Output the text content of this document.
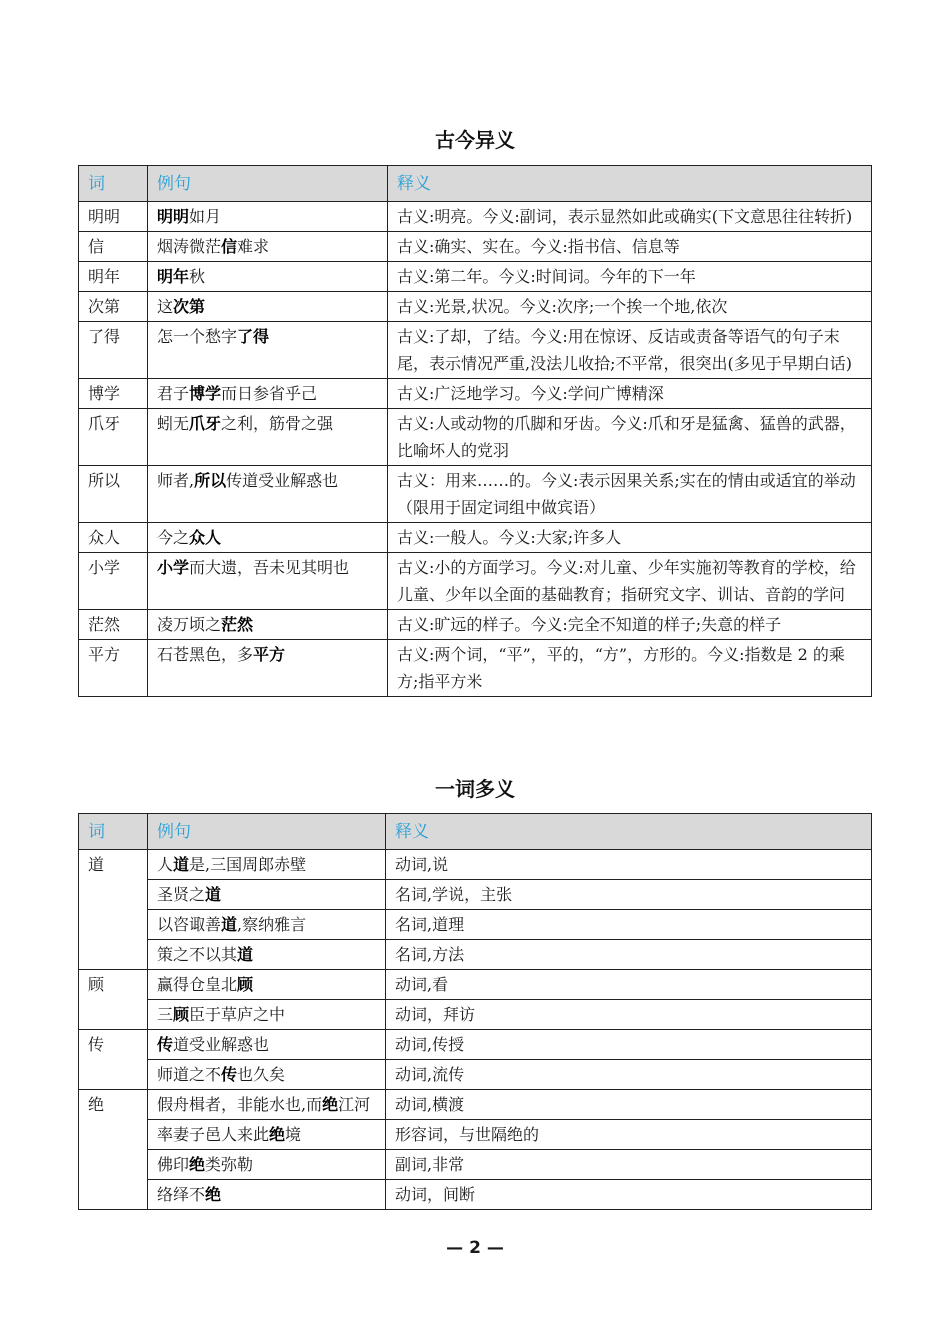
古今异义
词	例句	释义
明明	明明如月	古义:明亮。今义:副词，表示显然如此或确实(下文意思往往转折)
信	烟涛微茫信难求	古义:确实、实在。今义:指书信、信息等
明年	明年秋	古义:第二年。今义:时间词。今年的下一年
次第	这次第	古义:光景,状况。今义:次序;一个挨一个地,依次
了得	怎一个愁字了得	古义:了却，了结。今义:用在惊讶、反诘或责备等语气的句子末尾，表示情况严重,没法儿收拾;不平常，很突出(多见于早期白话)
博学	君子博学而日参省乎己	古义:广泛地学习。今义:学问广博精深
爪牙	蚓无爪牙之利，筋骨之强	古义:人或动物的爪脚和牙齿。今义:爪和牙是猛禽、猛兽的武器，比喻坏人的党羽
所以	师者,所以传道受业解惑也	古义：用来……的。今义:表示因果关系;实在的情由或适宜的举动（限用于固定词组中做宾语）
众人	今之众人	古义:一般人。今义:大家;许多人
小学	小学而大遗，吾未见其明也	古义:小的方面学习。今义:对儿童、少年实施初等教育的学校，给儿童、少年以全面的基础教育；指研究文字、训诂、音韵的学问
茫然	凌万顷之茫然	古义:旷远的样子。今义:完全不知道的样子;失意的样子
平方	石苍黑色，多平方	古义:两个词，“平”，平的，“方”，方形的。今义:指数是 2 的乘方;指平方米
一词多义
词	例句	释义
道	人道是,三国周郎赤壁	动词,说
	圣贤之道	名词,学说，主张
	以咨诹善道,察纳雅言	名词,道理
	策之不以其道	名词,方法
顾	赢得仓皇北顾	动词,看
	三顾臣于草庐之中	动词，拜访
传	传道受业解惑也	动词,传授
	师道之不传也久矣	动词,流传
绝	假舟楫者，非能水也,而绝江河	动词,横渡
	率妻子邑人来此绝境	形容词，与世隔绝的
	佛印绝类弥勒	副词,非常
	络绎不绝	动词，间断
— 2 —
